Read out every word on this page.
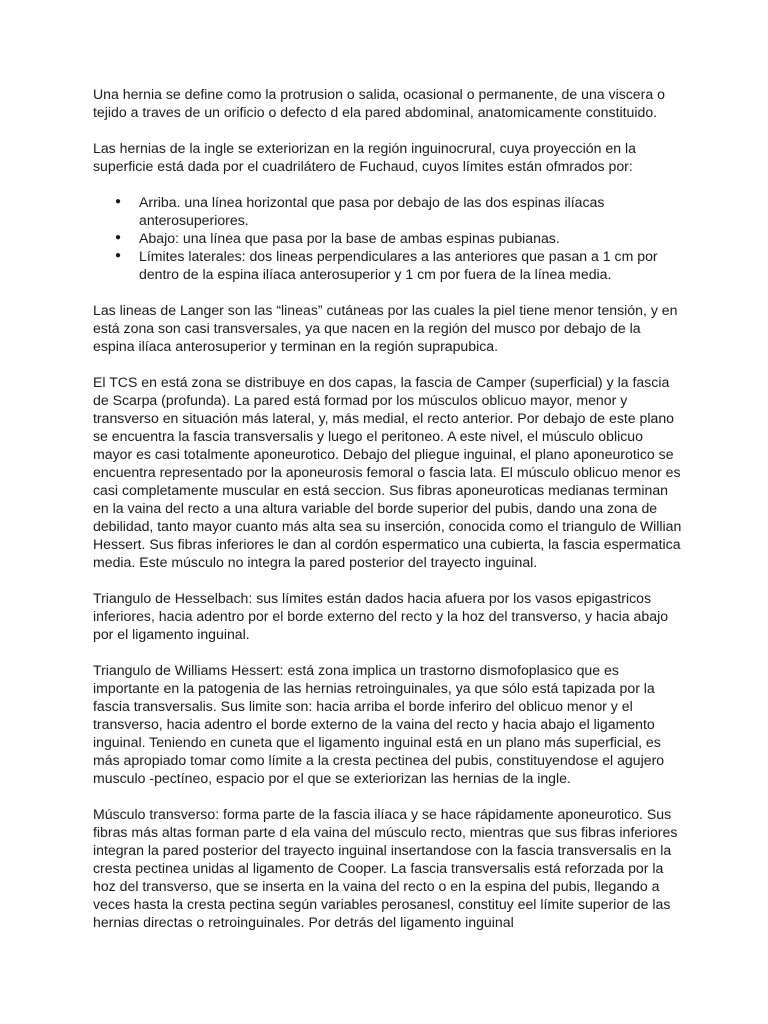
Una hernia se define como la protrusion o salida, ocasional o permanente, de una viscera o tejido a traves de un orificio o defecto d ela pared abdominal, anatomicamente constituido.

Las hernias de la ingle se exteriorizan en la región inguinocrural, cuya proyección en la superficie está dada por el cuadrilátero de Fuchaud, cuyos límites están ofmrados por:

● Arriba. una línea horizontal que pasa por debajo de las dos espinas ilíacas anterosuperiores.
● Abajo: una línea que pasa por la base de ambas espinas pubianas.
● Límites laterales: dos lineas perpendiculares a las anteriores que pasan a 1 cm por dentro de la espina ilíaca anterosuperior y 1 cm por fuera de la línea media.

Las lineas de Langer son las “lineas” cutáneas por las cuales la piel tiene menor tensión, y en está zona son casi transversales, ya que nacen en la región del musco por debajo de la espina ilíaca anterosuperior y terminan en la región suprapubica.

El TCS en está zona se distribuye en dos capas, la fascia de Camper (superficial) y la fascia de Scarpa (profunda). La pared está formad por los músculos oblicuo mayor, menor y transverso en situación más lateral, y, más medial, el recto anterior. Por debajo de este plano se encuentra la fascia transversalis y luego el peritoneo. A este nivel, el músculo oblicuo mayor es casi totalmente aponeurotico. Debajo del pliegue inguinal, el plano aponeurotico se encuentra representado por la aponeurosis femoral o fascia lata. El músculo oblicuo menor es casi completamente muscular en está seccion. Sus fibras aponeuroticas medianas terminan en la vaina del recto a una altura variable del borde superior del pubis, dando una zona de debilidad, tanto mayor cuanto más alta sea su inserción, conocida como el triangulo de Willian Hessert. Sus fibras inferiores le dan al cordón espermatico una cubierta, la fascia espermatica media. Este músculo no integra la pared posterior del trayecto inguinal.

Triangulo de Hesselbach: sus límites están dados hacia afuera por los vasos epigastricos inferiores, hacia adentro por el borde externo del recto y la hoz del transverso, y hacia abajo por el ligamento inguinal.

Triangulo de Williams Hessert: está zona implica un trastorno dismofoplasico que es importante en la patogenia de las hernias retroinguinales, ya que sólo está tapizada por la fascia transversalis. Sus limite son: hacia arriba el borde inferiro del oblicuo menor y el transverso, hacia adentro el borde externo de la vaina del recto y hacia abajo el ligamento inguinal. Teniendo en cuneta que el ligamento inguinal está en un plano más superficial, es más apropiado tomar como límite a la cresta pectinea del pubis, constituyendose el agujero musculo -pectíneo, espacio por el que se exteriorizan las hernias de la ingle.

Músculo transverso: forma parte de la fascia ilíaca y se hace rápidamente aponeurotico. Sus fibras más altas forman parte d ela vaina del músculo recto, mientras que sus fibras inferiores integran la pared posterior del trayecto inguinal insertandose con la fascia transversalis en la cresta pectinea unidas al ligamento de Cooper. La fascia transversalis está reforzada por la hoz del transverso, que se inserta en la vaina del recto o en la espina del pubis, llegando a veces hasta la cresta pectina según variables perosanesl, constituy eel límite superior de las hernias directas o retroinguinales. Por detrás del ligamento inguinal
